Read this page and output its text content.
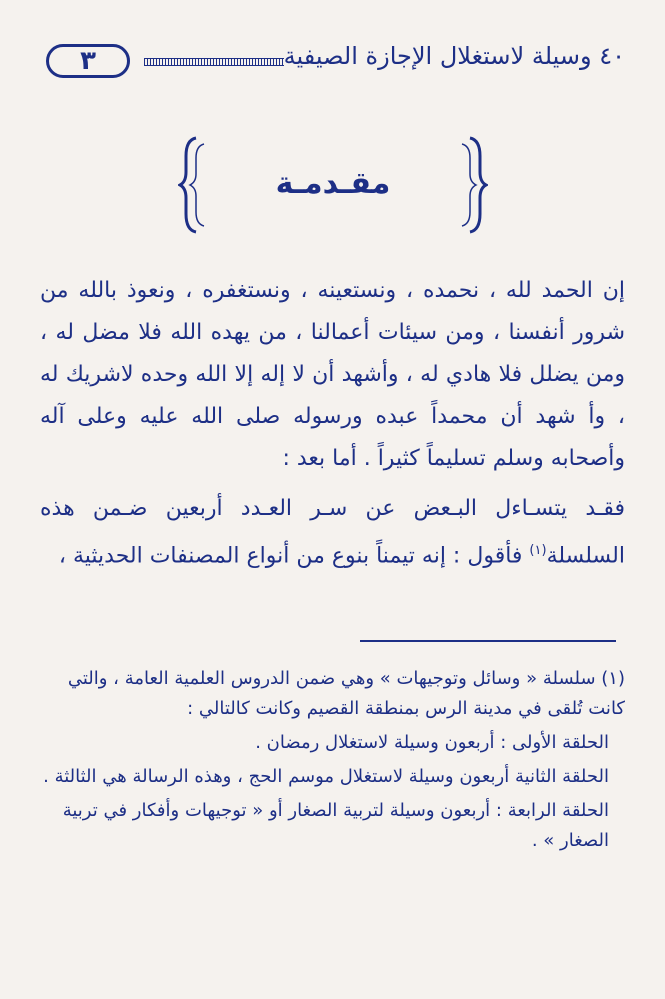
٣	٤٠ وسيلة لاستغلال الإجازة الصيفية
مقـدمـة

إن الحمد لله ، نحمده ، ونستعينه ، ونستغفره ، ونعوذ بالله من شرور أنفسنا ، ومن سيئات أعمالنا ، من يهده الله فلا مضل له ، ومن يضلل فلا هادي له ، وأشهد أن لا إله إلا الله وحده لاشريك له ، وأ شهد أن محمداً عبده ورسوله صلى الله عليه وعلى آله وأصحابه وسلم تسليماً كثيراً . أما بعد :

فقـد يتسـاءل البـعض عن سـر العـدد أربعين ضـمن هذه السلسلة$^{(١)}$ فأقول : إنه تيمناً بنوع من أنواع المصنفات الحديثية ،

(١) سلسلة « وسائل وتوجيهات » وهي ضمن الدروس العلمية العامة ، والتي كانت تُلقى في مدينة الرس بمنطقة القصيم وكانت كالتالي :

الحلقة الأولى : أربعون وسيلة لاستغلال رمضان .

الحلقة الثانية أربعون وسيلة لاستغلال موسم الحج ، وهذه الرسالة هي الثالثة .

الحلقة الرابعة : أربعون وسيلة لتربية الصغار أو « توجيهات وأفكار في تربية الصغار » .
